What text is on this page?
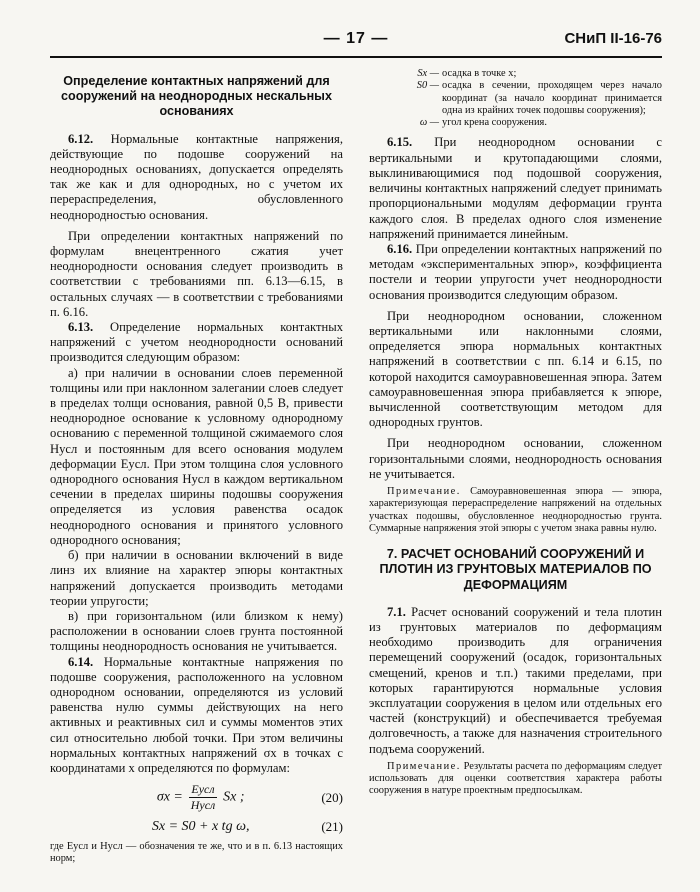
— 17 —	СНиП II-16-76

Определение контактных напряжений для сооружений на неоднородных нескальных основаниях

6.12. Нормальные контактные напряжения, действующие по подошве сооружений на неоднородных основаниях, допускается определять так же как и для однородных, но с учетом их перераспределения, обусловленного неоднородностью основания.

При определении контактных напряжений по формулам внецентренного сжатия учет неоднородности основания следует производить в соответствии с требованиями пп. 6.13—6.15, в остальных случаях — в соответствии с требованиями п. 6.16.

6.13. Определение нормальных контактных напряжений с учетом неоднородности оснований производится следующим образом:

а) при наличии в основании слоев переменной толщины или при наклонном залегании слоев следует в пределах толщи основания, равной 0,5 B, привести неоднородное основание к условному однородному основанию с переменной толщиной сжимаемого слоя Hусл и постоянным для всего основания модулем деформации Eусл. При этом толщина слоя условного однородного основания Hусл в каждом вертикальном сечении в пределах ширины подошвы сооружения определяется из условия равенства осадок неоднородного основания и принятого условного однородного основания;

б) при наличии в основании включений в виде линз их влияние на характер эпюры контактных напряжений допускается производить методами теории упругости;

в) при горизонтальном (или близком к нему) расположении в основании слоев грунта постоянной толщины неоднородность основания не учитывается.

6.14. Нормальные контактные напряжения по подошве сооружения, расположенного на условном однородном основании, определяются из условий равенства нулю суммы действующих на него активных и реактивных сил и суммы моментов этих сил относительно любой точки. При этом величины нормальных контактных напряжений σx в точках с координатами x определяются по формулам:

$\sigma x = \frac{\text{Eусл}}{\text{Hусл}}$ Sx ;	(20)
Sx = S0 + x tg ω,	(21)

где Eусл и Hусл — обозначения те же, что и в п. 6.13 настоящих норм;

Sx — осадка в точке x;
S0 — осадка в сечении, проходящем через начало координат (за начало координат принимается одна из крайних точек подошвы сооружения);
ω — угол крена сооружения.

6.15. При неоднородном основании с вертикальными и крутопадающими слоями, выклинивающимися под подошвой сооружения, величины контактных напряжений следует принимать пропорциональными модулям деформации грунта каждого слоя. В пределах одного слоя изменение напряжений принимается линейным.

6.16. При определении контактных напряжений по методам «экспериментальных эпюр», коэффициента постели и теории упругости учет неоднородности основания производится следующим образом.

При неоднородном основании, сложенном вертикальными или наклонными слоями, определяется эпюра нормальных контактных напряжений в соответствии с пп. 6.14 и 6.15, по которой находится самоуравновешенная эпюра. Затем самоуравновешенная эпюра прибавляется к эпюре, вычисленной соответствующим методом для однородных грунтов.

При неоднородном основании, сложенном горизонтальными слоями, неоднородность основания не учитывается.

Примечание. Самоуравновешенная эпюра — эпюра, характеризующая перераспределение напряжений на отдельных участках подошвы, обусловленное неоднородностью грунта. Суммарные напряжения этой эпюры с учетом знака равны нулю.

7. РАСЧЕТ ОСНОВАНИЙ СООРУЖЕНИЙ И ПЛОТИН ИЗ ГРУНТОВЫХ МАТЕРИАЛОВ ПО ДЕФОРМАЦИЯМ

7.1. Расчет оснований сооружений и тела плотин из грунтовых материалов по деформациям необходимо производить для ограничения перемещений сооружений (осадок, горизонтальных смещений, кренов и т.п.) такими пределами, при которых гарантируются нормальные условия эксплуатации сооружения в целом или отдельных его частей (конструкций) и обеспечивается требуемая долговечность, а также для назначения строительного подъема сооружений.

Примечание. Результаты расчета по деформациям следует использовать для оценки соответствия характера работы сооружения в натуре проектным предпосылкам.
